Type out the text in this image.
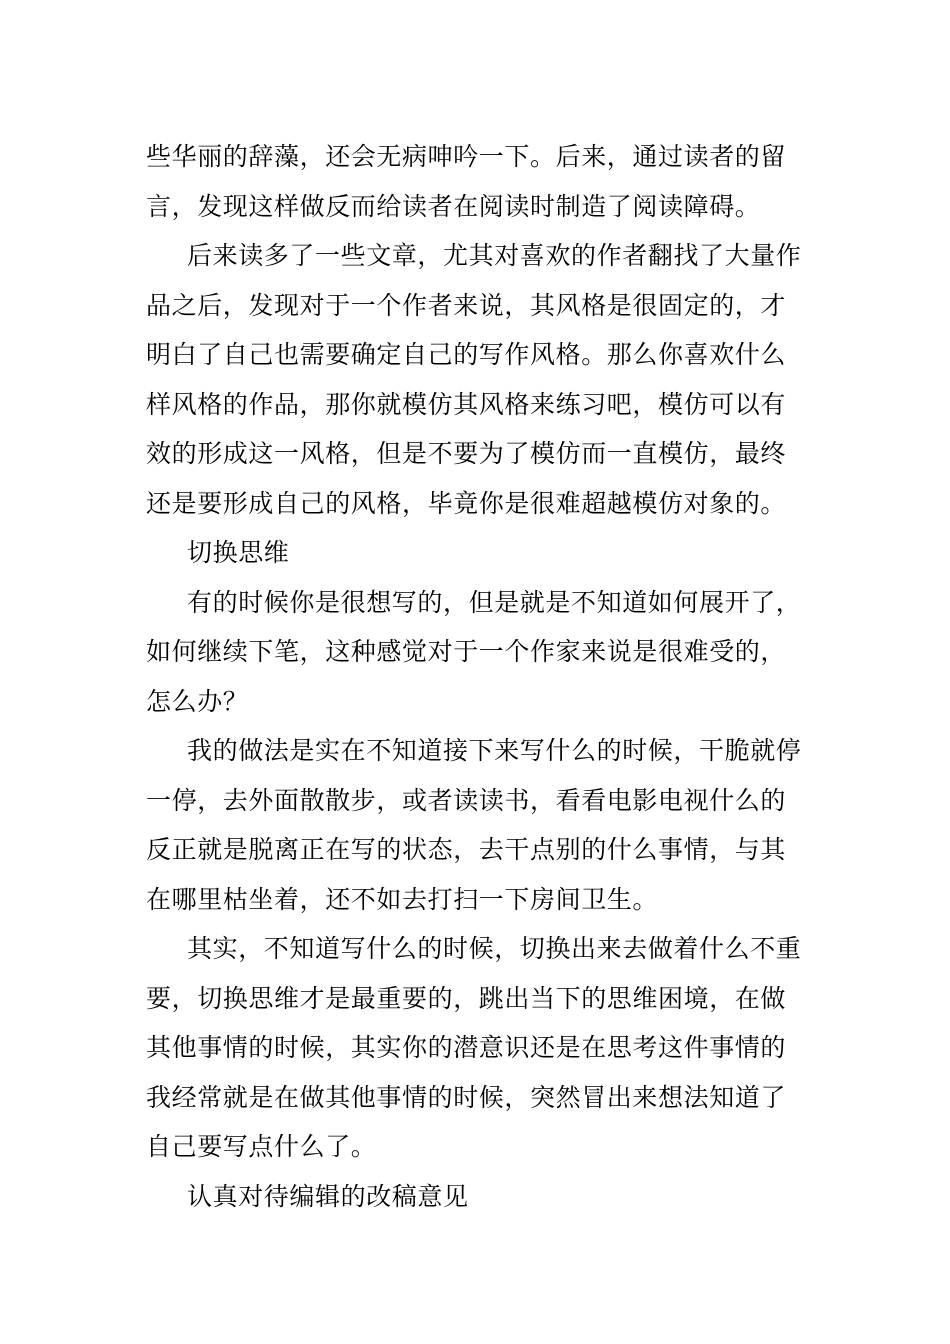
些华丽的辞藻，还会无病呻吟一下。后来，通过读者的留
言，发现这样做反而给读者在阅读时制造了阅读障碍。

后来读多了一些文章，尤其对喜欢的作者翻找了大量作
品之后，发现对于一个作者来说，其风格是很固定的，才
明白了自己也需要确定自己的写作风格。那么你喜欢什么
样风格的作品，那你就模仿其风格来练习吧，模仿可以有
效的形成这一风格，但是不要为了模仿而一直模仿，最终
还是要形成自己的风格，毕竟你是很难超越模仿对象的。

切换思维

有的时候你是很想写的，但是就是不知道如何展开了，
如何继续下笔，这种感觉对于一个作家来说是很难受的，
怎么办？

我的做法是实在不知道接下来写什么的时候，干脆就停
一停，去外面散散步，或者读读书，看看电影电视什么的
反正就是脱离正在写的状态，去干点别的什么事情，与其
在哪里枯坐着，还不如去打扫一下房间卫生。

其实，不知道写什么的时候，切换出来去做着什么不重
要，切换思维才是最重要的，跳出当下的思维困境，在做
其他事情的时候，其实你的潜意识还是在思考这件事情的
我经常就是在做其他事情的时候，突然冒出来想法知道了
自己要写点什么了。

认真对待编辑的改稿意见
